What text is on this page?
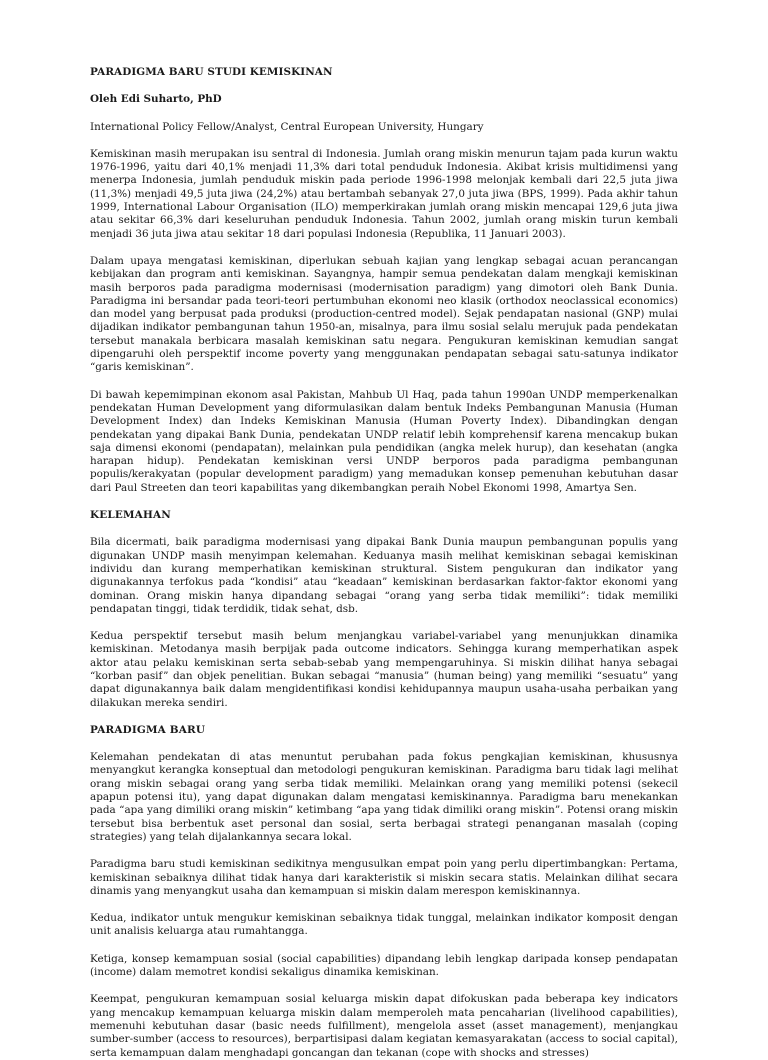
PARADIGMA BARU STUDI KEMISKINAN
Oleh Edi Suharto, PhD
International Policy Fellow/Analyst, Central European University, Hungary

Kemiskinan masih merupakan isu sentral di Indonesia. Jumlah orang miskin menurun tajam pada kurun waktu 1976-1996, yaitu dari 40,1% menjadi 11,3% dari total penduduk Indonesia. Akibat krisis multidimensi yang menerpa Indonesia, jumlah penduduk miskin pada periode 1996-1998 melonjak kembali dari 22,5 juta jiwa (11,3%) menjadi 49,5 juta jiwa (24,2%) atau bertambah sebanyak 27,0 juta jiwa (BPS, 1999). Pada akhir tahun 1999, International Labour Organisation (ILO) memperkirakan jumlah orang miskin mencapai 129,6 juta jiwa atau sekitar 66,3% dari keseluruhan penduduk Indonesia. Tahun 2002, jumlah orang miskin turun kembali menjadi 36 juta jiwa atau sekitar 18 dari populasi Indonesia (Republika, 11 Januari 2003).

Dalam upaya mengatasi kemiskinan, diperlukan sebuah kajian yang lengkap sebagai acuan perancangan kebijakan dan program anti kemiskinan. Sayangnya, hampir semua pendekatan dalam mengkaji kemiskinan masih berporos pada paradigma modernisasi (modernisation paradigm) yang dimotori oleh Bank Dunia. Paradigma ini bersandar pada teori-teori pertumbuhan ekonomi neo klasik (orthodox neoclassical economics) dan model yang berpusat pada produksi (production-centred model). Sejak pendapatan nasional (GNP) mulai dijadikan indikator pembangunan tahun 1950-an, misalnya, para ilmu sosial selalu merujuk pada pendekatan tersebut manakala berbicara masalah kemiskinan satu negara. Pengukuran kemiskinan kemudian sangat dipengaruhi oleh perspektif income poverty yang menggunakan pendapatan sebagai satu-satunya indikator “garis kemiskinan”.

Di bawah kepemimpinan ekonom asal Pakistan, Mahbub Ul Haq, pada tahun 1990an UNDP memperkenalkan pendekatan Human Development yang diformulasikan dalam bentuk Indeks Pembangunan Manusia (Human Development Index) dan Indeks Kemiskinan Manusia (Human Poverty Index). Dibandingkan dengan pendekatan yang dipakai Bank Dunia, pendekatan UNDP relatif lebih komprehensif karena mencakup bukan saja dimensi ekonomi (pendapatan), melainkan pula pendidikan (angka melek hurup), dan kesehatan (angka harapan hidup). Pendekatan kemiskinan versi UNDP berporos pada paradigma pembangunan populis/kerakyatan (popular development paradigm) yang memadukan konsep pemenuhan kebutuhan dasar dari Paul Streeten dan teori kapabilitas yang dikembangkan peraih Nobel Ekonomi 1998, Amartya Sen.

KELEMAHAN

Bila dicermati, baik paradigma modernisasi yang dipakai Bank Dunia maupun pembangunan populis yang digunakan UNDP masih menyimpan kelemahan. Keduanya masih melihat kemiskinan sebagai kemiskinan individu dan kurang memperhatikan kemiskinan struktural. Sistem pengukuran dan indikator yang digunakannya terfokus pada “kondisi” atau “keadaan” kemiskinan berdasarkan faktor-faktor ekonomi yang dominan. Orang miskin hanya dipandang sebagai “orang yang serba tidak memiliki”: tidak memiliki pendapatan tinggi, tidak terdidik, tidak sehat, dsb.

Kedua perspektif tersebut masih belum menjangkau variabel-variabel yang menunjukkan dinamika kemiskinan. Metodanya masih berpijak pada outcome indicators. Sehingga kurang memperhatikan aspek aktor atau pelaku kemiskinan serta sebab-sebab yang mempengaruhinya. Si miskin dilihat hanya sebagai “korban pasif” dan objek penelitian. Bukan sebagai “manusia” (human being) yang memiliki “sesuatu” yang dapat digunakannya baik dalam mengidentifikasi kondisi kehidupannya maupun usaha-usaha perbaikan yang dilakukan mereka sendiri.

PARADIGMA BARU

Kelemahan pendekatan di atas menuntut perubahan pada fokus pengkajian kemiskinan, khususnya menyangkut kerangka konseptual dan metodologi pengukuran kemiskinan. Paradigma baru tidak lagi melihat orang miskin sebagai orang yang serba tidak memiliki. Melainkan orang yang memiliki potensi (sekecil apapun potensi itu), yang dapat digunakan dalam mengatasi kemiskinannya. Paradigma baru menekankan pada “apa yang dimiliki orang miskin” ketimbang “apa yang tidak dimiliki orang miskin”. Potensi orang miskin tersebut bisa berbentuk aset personal dan sosial, serta berbagai strategi penanganan masalah (coping strategies) yang telah dijalankannya secara lokal.

Paradigma baru studi kemiskinan sedikitnya mengusulkan empat poin yang perlu dipertimbangkan: Pertama, kemiskinan sebaiknya dilihat tidak hanya dari karakteristik si miskin secara statis. Melainkan dilihat secara dinamis yang menyangkut usaha dan kemampuan si miskin dalam merespon kemiskinannya.

Kedua, indikator untuk mengukur kemiskinan sebaiknya tidak tunggal, melainkan indikator komposit dengan unit analisis keluarga atau rumahtangga.

Ketiga, konsep kemampuan sosial (social capabilities) dipandang lebih lengkap daripada konsep pendapatan (income) dalam memotret kondisi sekaligus dinamika kemiskinan.

Keempat, pengukuran kemampuan sosial keluarga miskin dapat difokuskan pada beberapa key indicators yang mencakup kemampuan keluarga miskin dalam memperoleh mata pencaharian (livelihood capabilities), memenuhi kebutuhan dasar (basic needs fulfillment), mengelola asset (asset management), menjangkau sumber-sumber (access to resources), berpartisipasi dalam kegiatan kemasyarakatan (access to social capital), serta kemampuan dalam menghadapi goncangan dan tekanan (cope with shocks and stresses)
